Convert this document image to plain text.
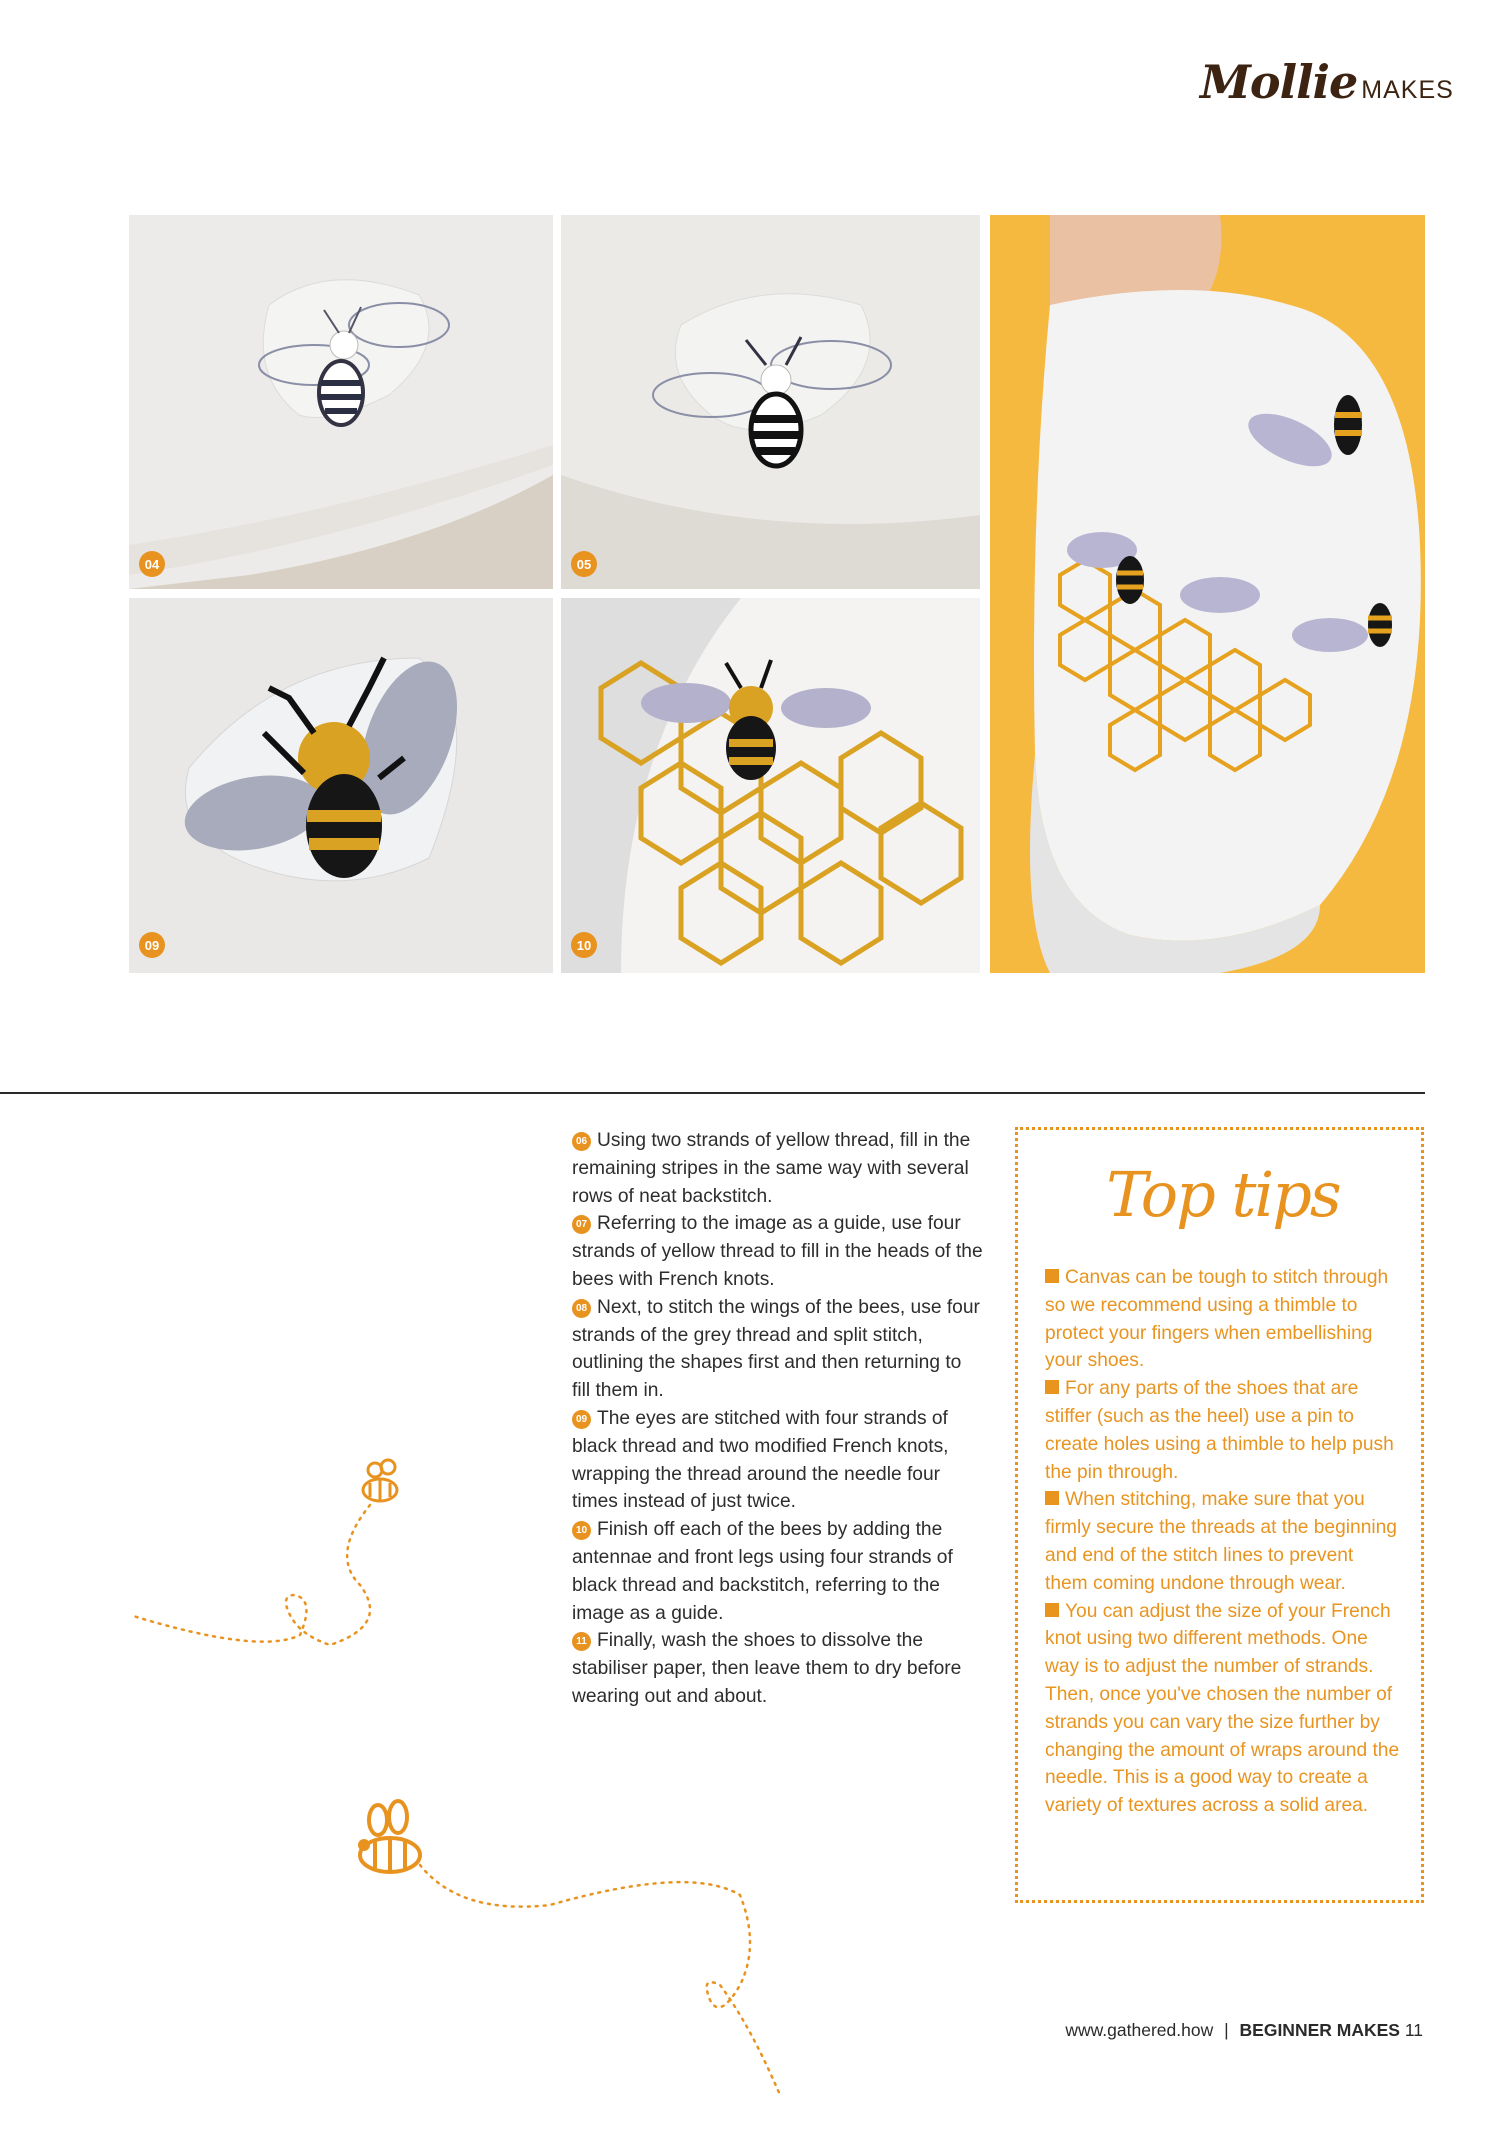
Mollie MAKES
04	05
09	10

06 Using two strands of yellow thread, fill in the remaining stripes in the same way with several rows of neat backstitch.

07 Referring to the image as a guide, use four strands of yellow thread to fill in the heads of the bees with French knots.

08 Next, to stitch the wings of the bees, use four strands of the grey thread and split stitch, outlining the shapes first and then returning to fill them in.

09 The eyes are stitched with four strands of black thread and two modified French knots, wrapping the thread around the needle four times instead of just twice.

10 Finish off each of the bees by adding the antennae and front legs using four strands of black thread and backstitch, referring to the image as a guide.

11 Finally, wash the shoes to dissolve the stabiliser paper, then leave them to dry before wearing out and about.

Top tips

Canvas can be tough to stitch through so we recommend using a thimble to protect your fingers when embellishing your shoes.

For any parts of the shoes that are stiffer (such as the heel) use a pin to create holes using a thimble to help push the pin through.

When stitching, make sure that you firmly secure the threads at the beginning and end of the stitch lines to prevent them coming undone through wear.

You can adjust the size of your French knot using two different methods. One way is to adjust the number of strands. Then, once you've chosen the number of strands you can vary the size further by changing the amount of wraps around the needle. This is a good way to create a variety of textures across a solid area.

www.gathered.how | BEGINNER MAKES 11
